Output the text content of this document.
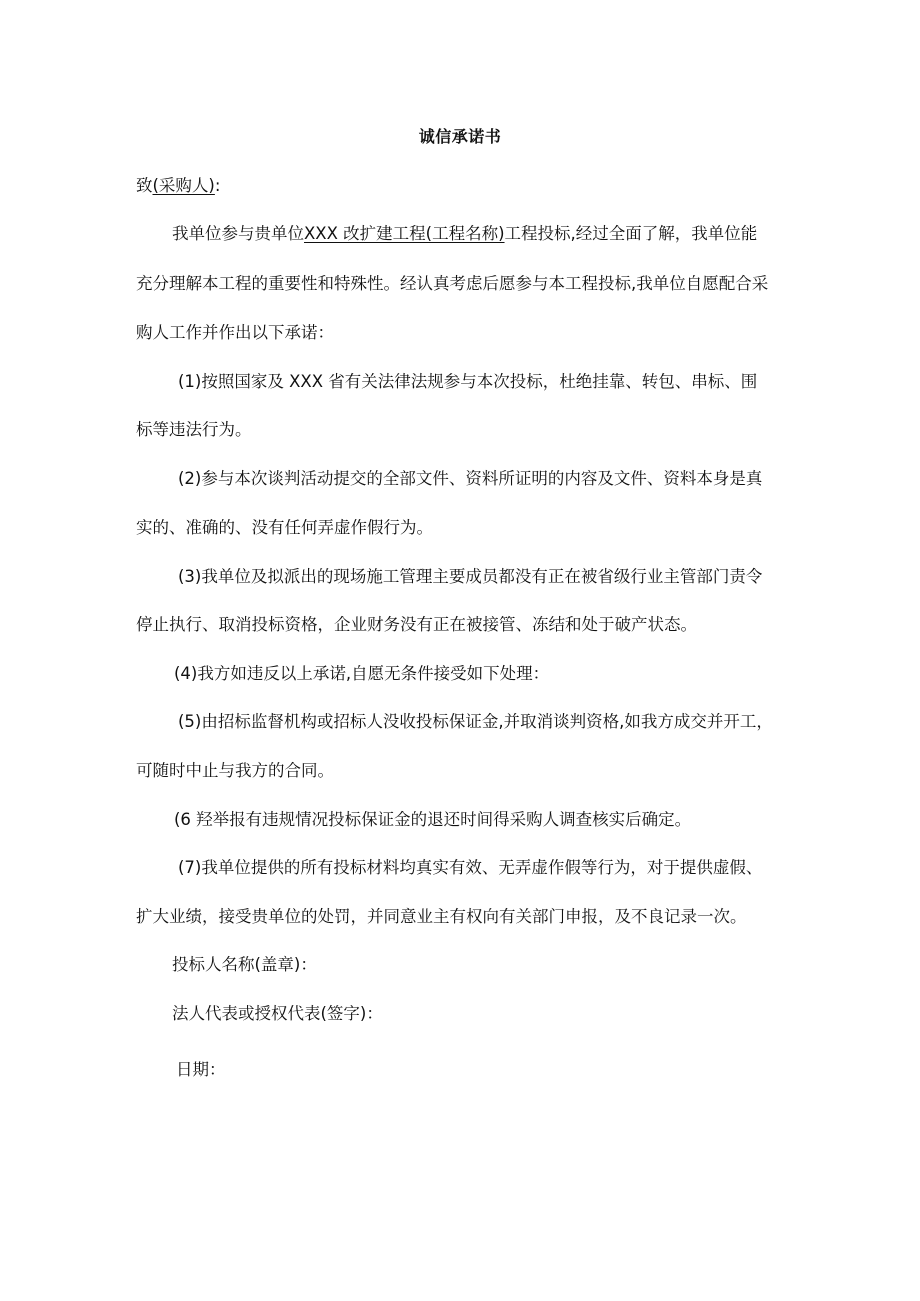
诚信承诺书
致(采购人):
我单位参与贵单位XXX 改扩建工程(工程名称)工程投标,经过全面了解，我单位能
充分理解本工程的重要性和特殊性。经认真考虑后愿参与本工程投标,我单位自愿配合采
购人工作并作出以下承诺：
(1)按照国家及 XXX 省有关法律法规参与本次投标，杜绝挂靠、转包、串标、围
标等违法行为。
(2)参与本次谈判活动提交的全部文件、资料所证明的内容及文件、资料本身是真
实的、准确的、没有任何弄虚作假行为。
(3)我单位及拟派出的现场施工管理主要成员都没有正在被省级行业主管部门责令
停止执行、取消投标资格，企业财务没有正在被接管、冻结和处于破产状态。
(4)我方如违反以上承诺,自愿无条件接受如下处理：
(5)由招标监督机构或招标人没收投标保证金,并取消谈判资格,如我方成交并开工，
可随时中止与我方的合同。
(6 羟举报有违规情况投标保证金的退还时间得采购人调查核实后确定。
(7)我单位提供的所有投标材料均真实有效、无弄虚作假等行为，对于提供虚假、
扩大业绩，接受贵单位的处罚，并同意业主有权向有关部门申报，及不良记录一次。
投标人名称(盖章)：
法人代表或授权代表(签字)：
日期：
